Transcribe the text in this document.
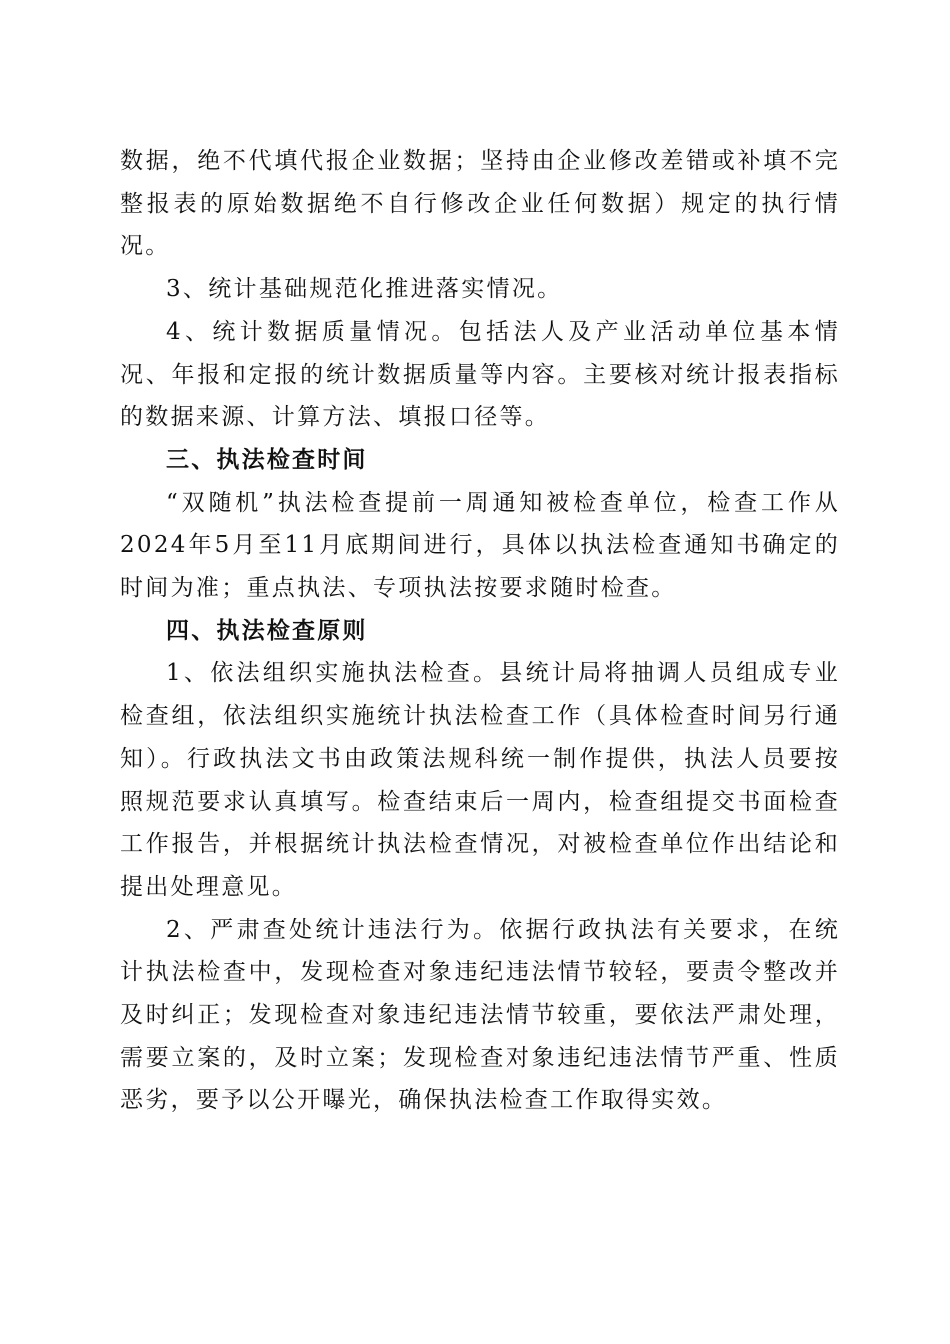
数据，绝不代填代报企业数据；坚持由企业修改差错或补填不完整报表的原始数据绝不自行修改企业任何数据）规定的执行情况。

3、统计基础规范化推进落实情况。

4、统计数据质量情况。包括法人及产业活动单位基本情况、年报和定报的统计数据质量等内容。主要核对统计报表指标的数据来源、计算方法、填报口径等。

三、执法检查时间

“双随机”执法检查提前一周通知被检查单位，检查工作从2024年5月至11月底期间进行，具体以执法检查通知书确定的时间为准；重点执法、专项执法按要求随时检查。

四、执法检查原则

1、依法组织实施执法检查。县统计局将抽调人员组成专业检查组，依法组织实施统计执法检查工作（具体检查时间另行通知）。行政执法文书由政策法规科统一制作提供，执法人员要按照规范要求认真填写。检查结束后一周内，检查组提交书面检查工作报告，并根据统计执法检查情况，对被检查单位作出结论和提出处理意见。

2、严肃查处统计违法行为。依据行政执法有关要求，在统计执法检查中，发现检查对象违纪违法情节较轻，要责令整改并及时纠正；发现检查对象违纪违法情节较重，要依法严肃处理，需要立案的，及时立案；发现检查对象违纪违法情节严重、性质恶劣，要予以公开曝光，确保执法检查工作取得实效。
